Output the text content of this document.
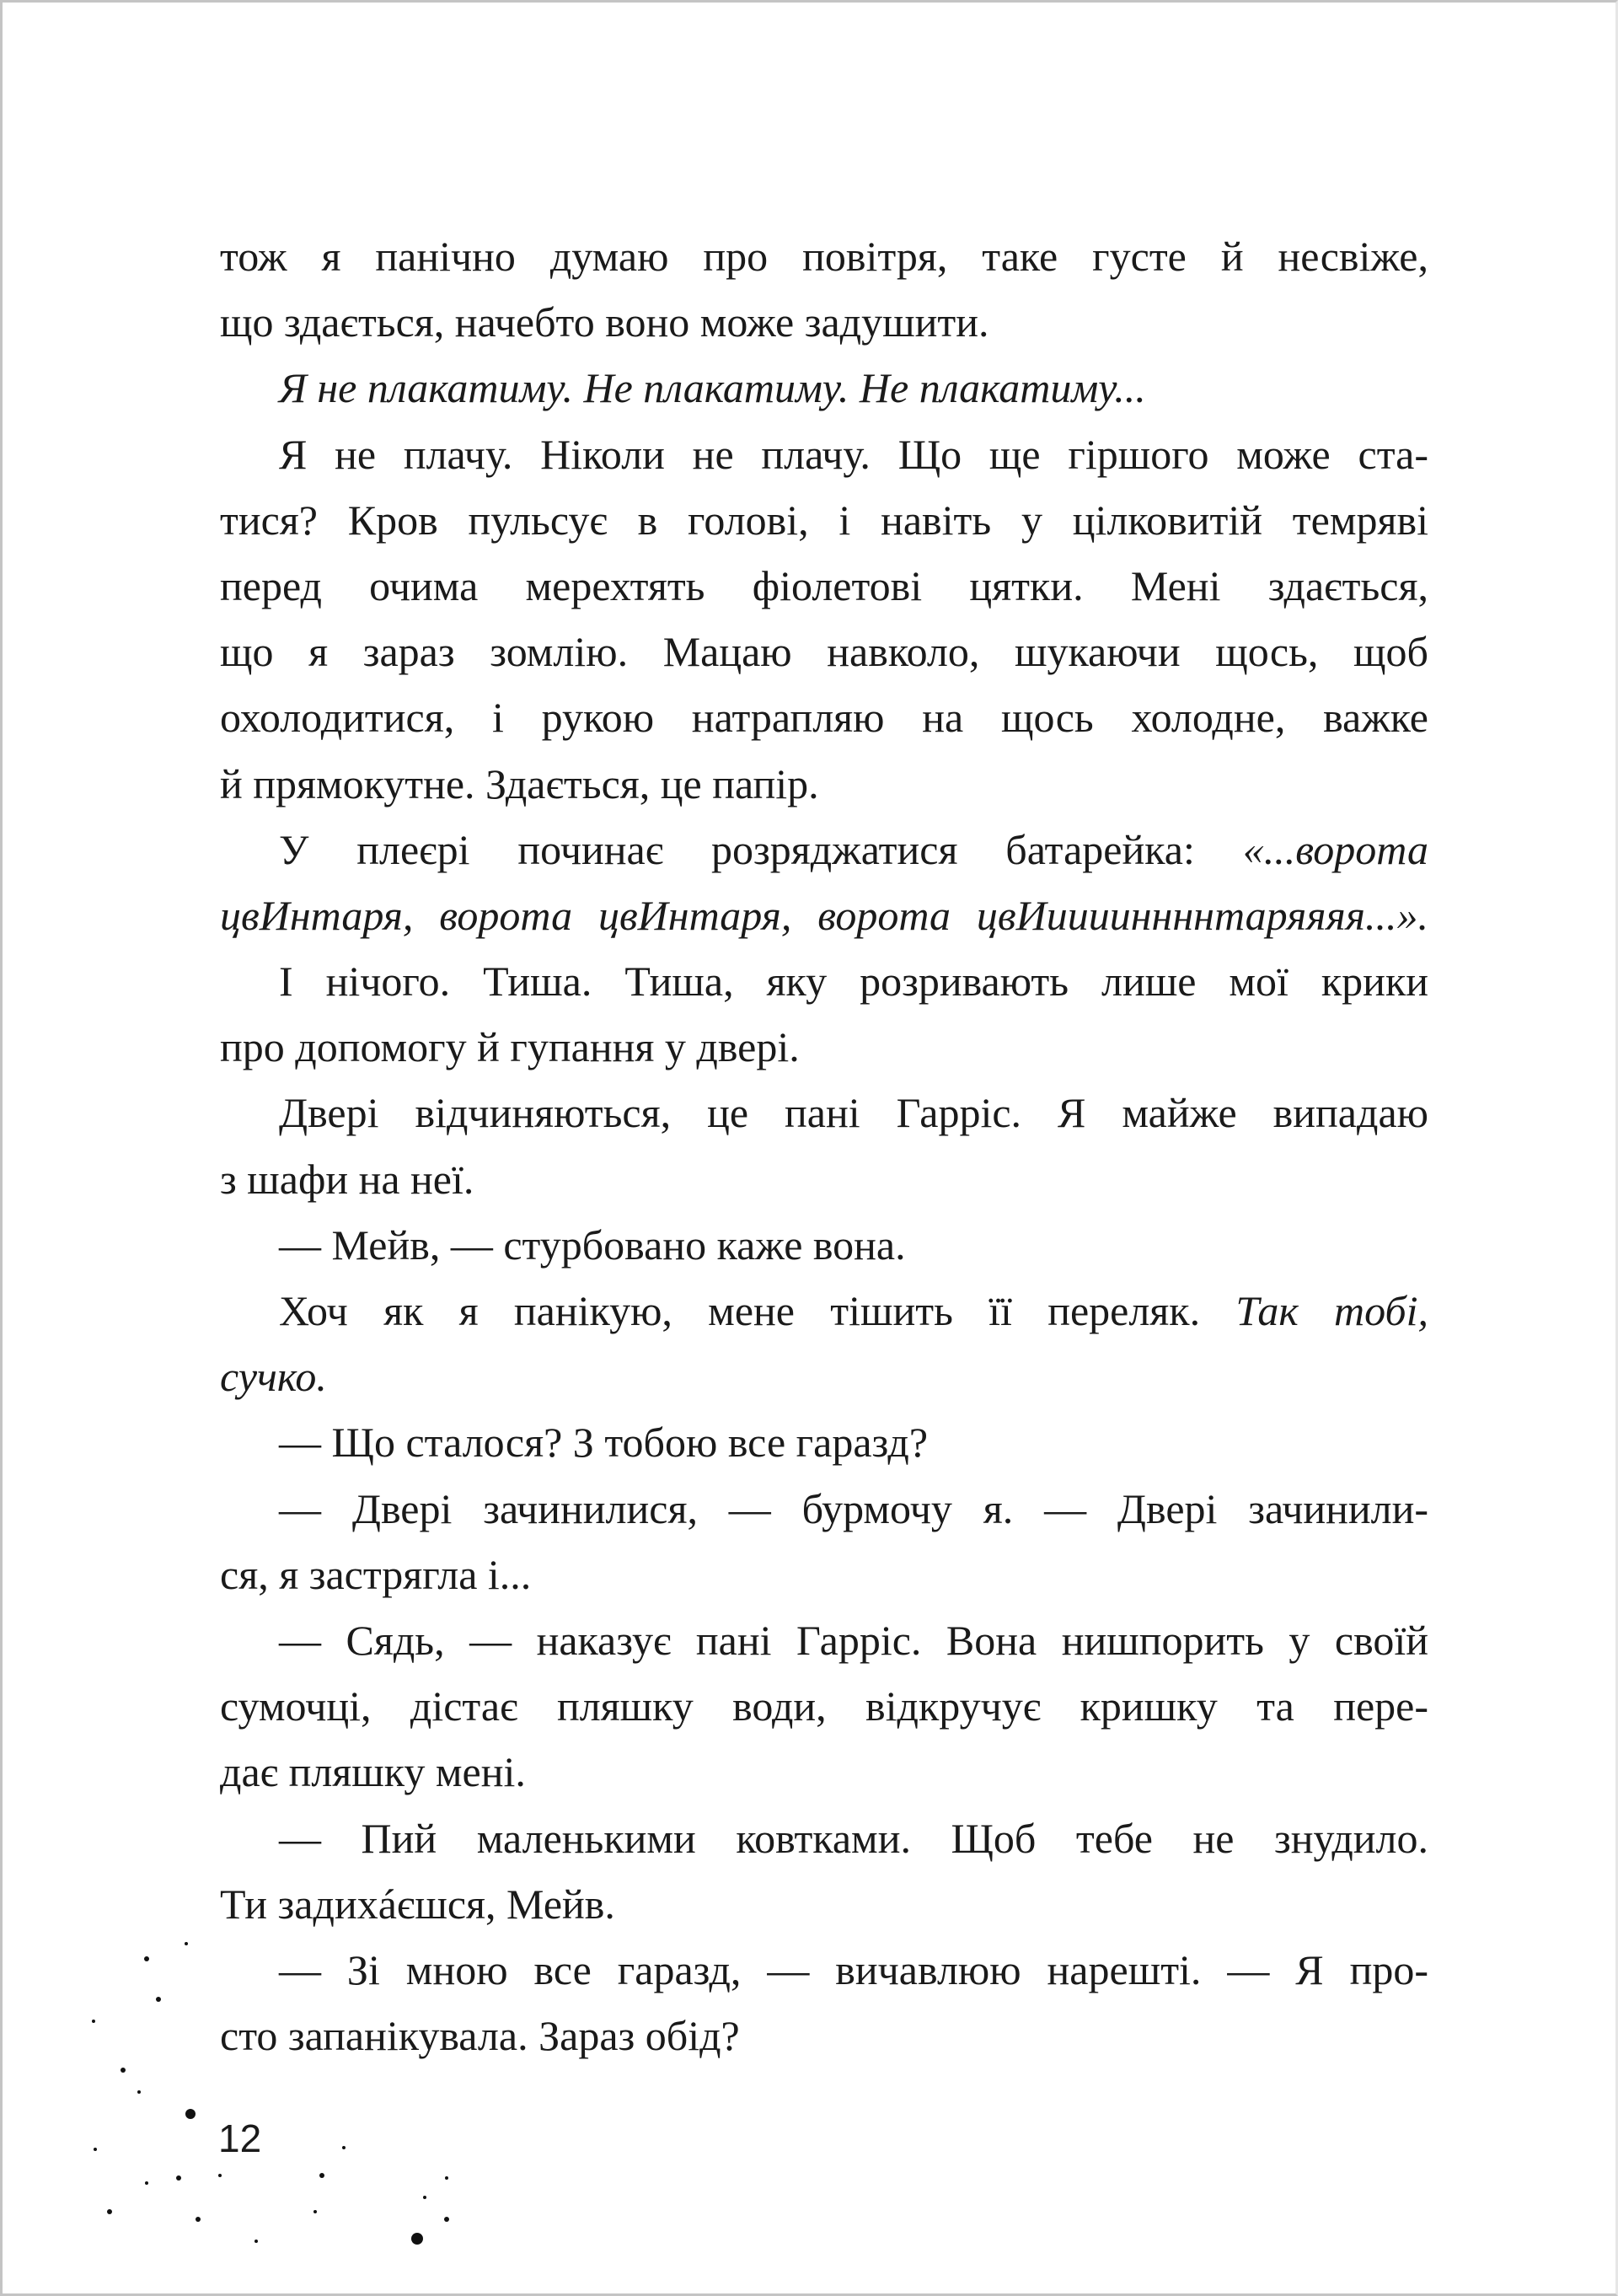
тож я панічно думаю про повітря, таке густе й несвіже,
що здається, начебто воно може задушити.
Я не плакатиму. Не плакатиму. Не плакатиму...
Я не плачу. Ніколи не плачу. Що ще гіршого може ста-
тися? Кров пульсує в голові, і навіть у цілковитій темряві
перед очима мерехтять фіолетові цятки. Мені здається,
що я зараз зомлію. Мацаю навколо, шукаючи щось, щоб
охолодитися, і рукою натрапляю на щось холодне, важке
й прямокутне. Здається, це папір.
У плеєрі починає розряджатися батарейка: «...ворота
цвИнтаря, ворота цвИнтаря, ворота цвИииииннннтаряяяя...».
І нічого. Тиша. Тиша, яку розривають лише мої крики
про допомогу й гупання у двері.
Двері відчиняються, це пані Гарріс. Я майже випадаю
з шафи на неї.
— Мейв, — стурбовано каже вона.
Хоч як я панікую, мене тішить її переляк. Так тобі,
сучко.
— Що сталося? З тобою все гаразд?
— Двері зачинилися, — бурмочу я. — Двері зачинили-
ся, я застрягла і...
— Сядь, — наказує пані Гарріс. Вона нишпорить у своїй
сумочці, дістає пляшку води, відкручує кришку та пере-
дає пляшку мені.
— Пий маленькими ковтками. Щоб тебе не знудило.
Ти задихáєшся, Мейв.
— Зі мною все гаразд, — вичавлюю нарешті. — Я про-
сто запанікувала. Зараз обід?
12
